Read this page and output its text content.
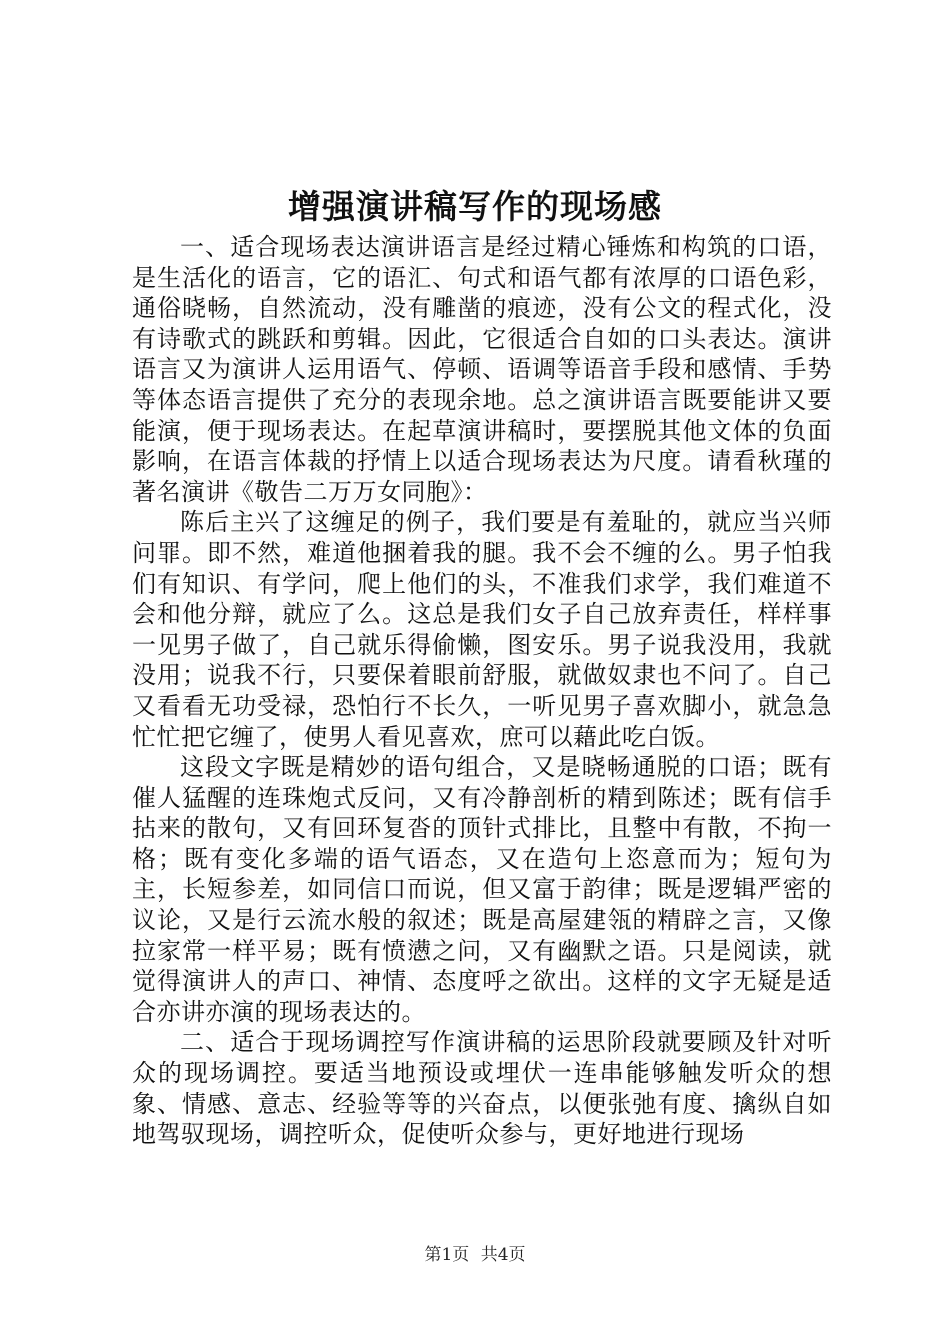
增强演讲稿写作的现场感

一、适合现场表达演讲语言是经过精心锤炼和构筑的口语，是生活化的语言，它的语汇、句式和语气都有浓厚的口语色彩，通俗晓畅，自然流动，没有雕凿的痕迹，没有公文的程式化，没有诗歌式的跳跃和剪辑。因此，它很适合自如的口头表达。演讲语言又为演讲人运用语气、停顿、语调等语音手段和感情、手势等体态语言提供了充分的表现余地。总之演讲语言既要能讲又要能演，便于现场表达。在起草演讲稿时，要摆脱其他文体的负面影响，在语言体裁的抒情上以适合现场表达为尺度。请看秋瑾的著名演讲《敬告二万万女同胞》：

陈后主兴了这缠足的例子，我们要是有羞耻的，就应当兴师问罪。即不然，难道他捆着我的腿。我不会不缠的么。男子怕我们有知识、有学问，爬上他们的头，不准我们求学，我们难道不会和他分辩，就应了么。这总是我们女子自己放弃责任，样样事一见男子做了，自己就乐得偷懒，图安乐。男子说我没用，我就没用；说我不行，只要保着眼前舒服，就做奴隶也不问了。自己又看看无功受禄，恐怕行不长久，一听见男子喜欢脚小，就急急忙忙把它缠了，使男人看见喜欢，庶可以藉此吃白饭。

这段文字既是精妙的语句组合，又是晓畅通脱的口语；既有催人猛醒的连珠炮式反问，又有冷静剖析的精到陈述；既有信手拈来的散句，又有回环复沓的顶针式排比，且整中有散，不拘一格；既有变化多端的语气语态，又在造句上恣意而为；短句为主，长短参差，如同信口而说，但又富于韵律；既是逻辑严密的议论，又是行云流水般的叙述；既是高屋建瓴的精辟之言，又像拉家常一样平易；既有愤懑之问，又有幽默之语。只是阅读，就觉得演讲人的声口、神情、态度呼之欲出。这样的文字无疑是适合亦讲亦演的现场表达的。

二、适合于现场调控写作演讲稿的运思阶段就要顾及针对听众的现场调控。要适当地预设或埋伏一连串能够触发听众的想象、情感、意志、经验等等的兴奋点，以便张弛有度、擒纵自如地驾驭现场，调控听众，促使听众参与，更好地进行现场

第1页 共4页
